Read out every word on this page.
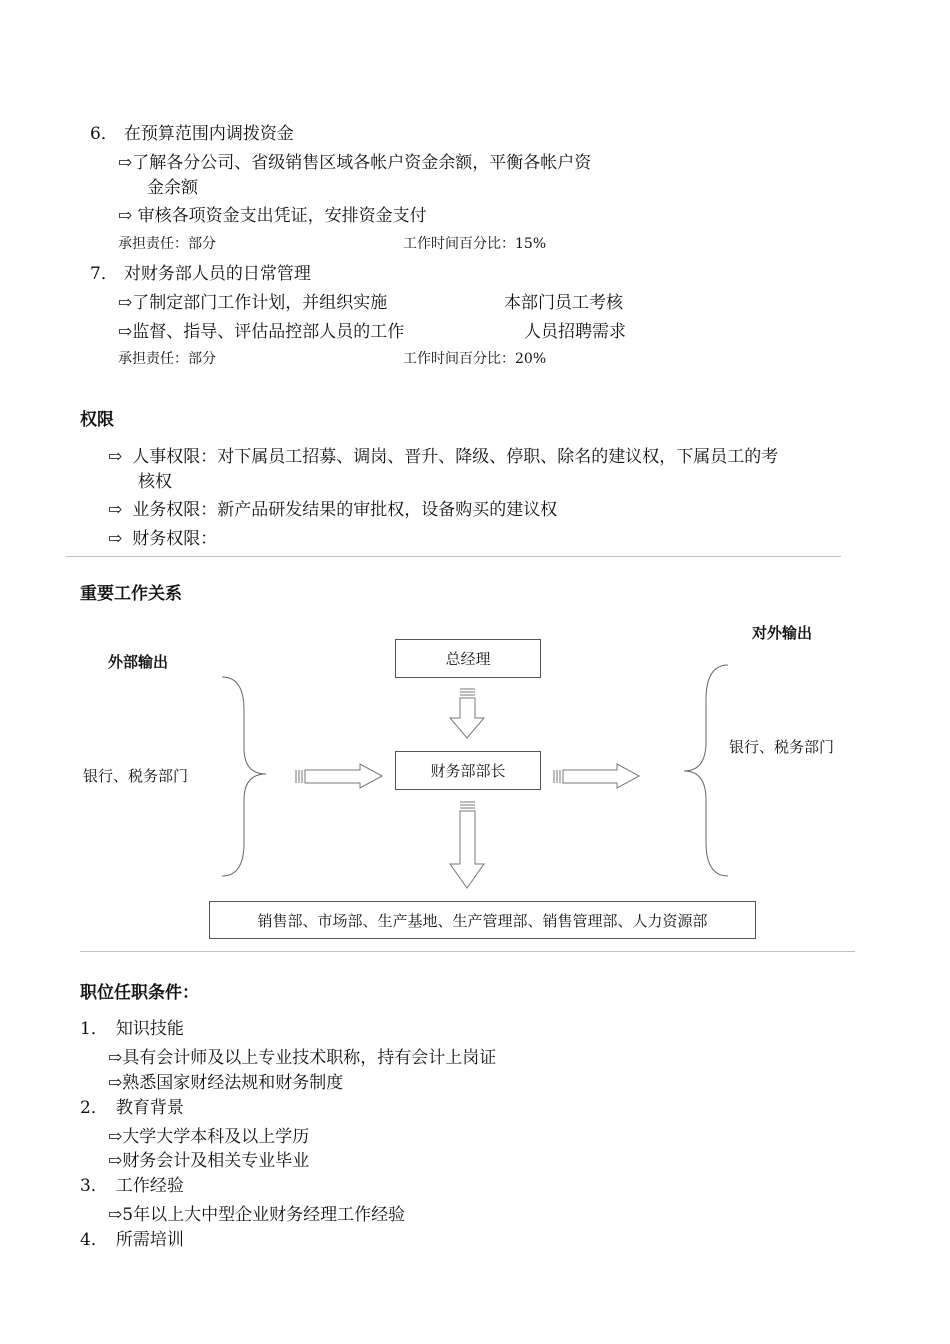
6． 在预算范围内调拨资金
⇨了解各分公司、省级销售区域各帐户资金余额，平衡各帐户资
金余额
⇨ 审核各项资金支出凭证，安排资金支付
承担责任：部分	工作时间百分比：15%
7． 对财务部人员的日常管理
⇨了制定部门工作计划，并组织实施	本部门员工考核
⇨监督、指导、评估品控部人员的工作	人员招聘需求
承担责任：部分	工作时间百分比：20%
权限
⇨ 人事权限：对下属员工招募、调岗、晋升、降级、停职、除名的建议权，下属员工的考
核权
⇨ 业务权限：新产品研发结果的审批权，设备购买的建议权
⇨ 财务权限：
重要工作关系
对外输出
外部输出
银行、税务部门
银行、税务部门
总经理
财务部部长
销售部、市场部、生产基地、生产管理部、销售管理部、人力资源部
职位任职条件：
1． 知识技能
⇨具有会计师及以上专业技术职称，持有会计上岗证
⇨熟悉国家财经法规和财务制度
2． 教育背景
⇨大学大学本科及以上学历
⇨财务会计及相关专业毕业
3． 工作经验
⇨5年以上大中型企业财务经理工作经验
4． 所需培训
